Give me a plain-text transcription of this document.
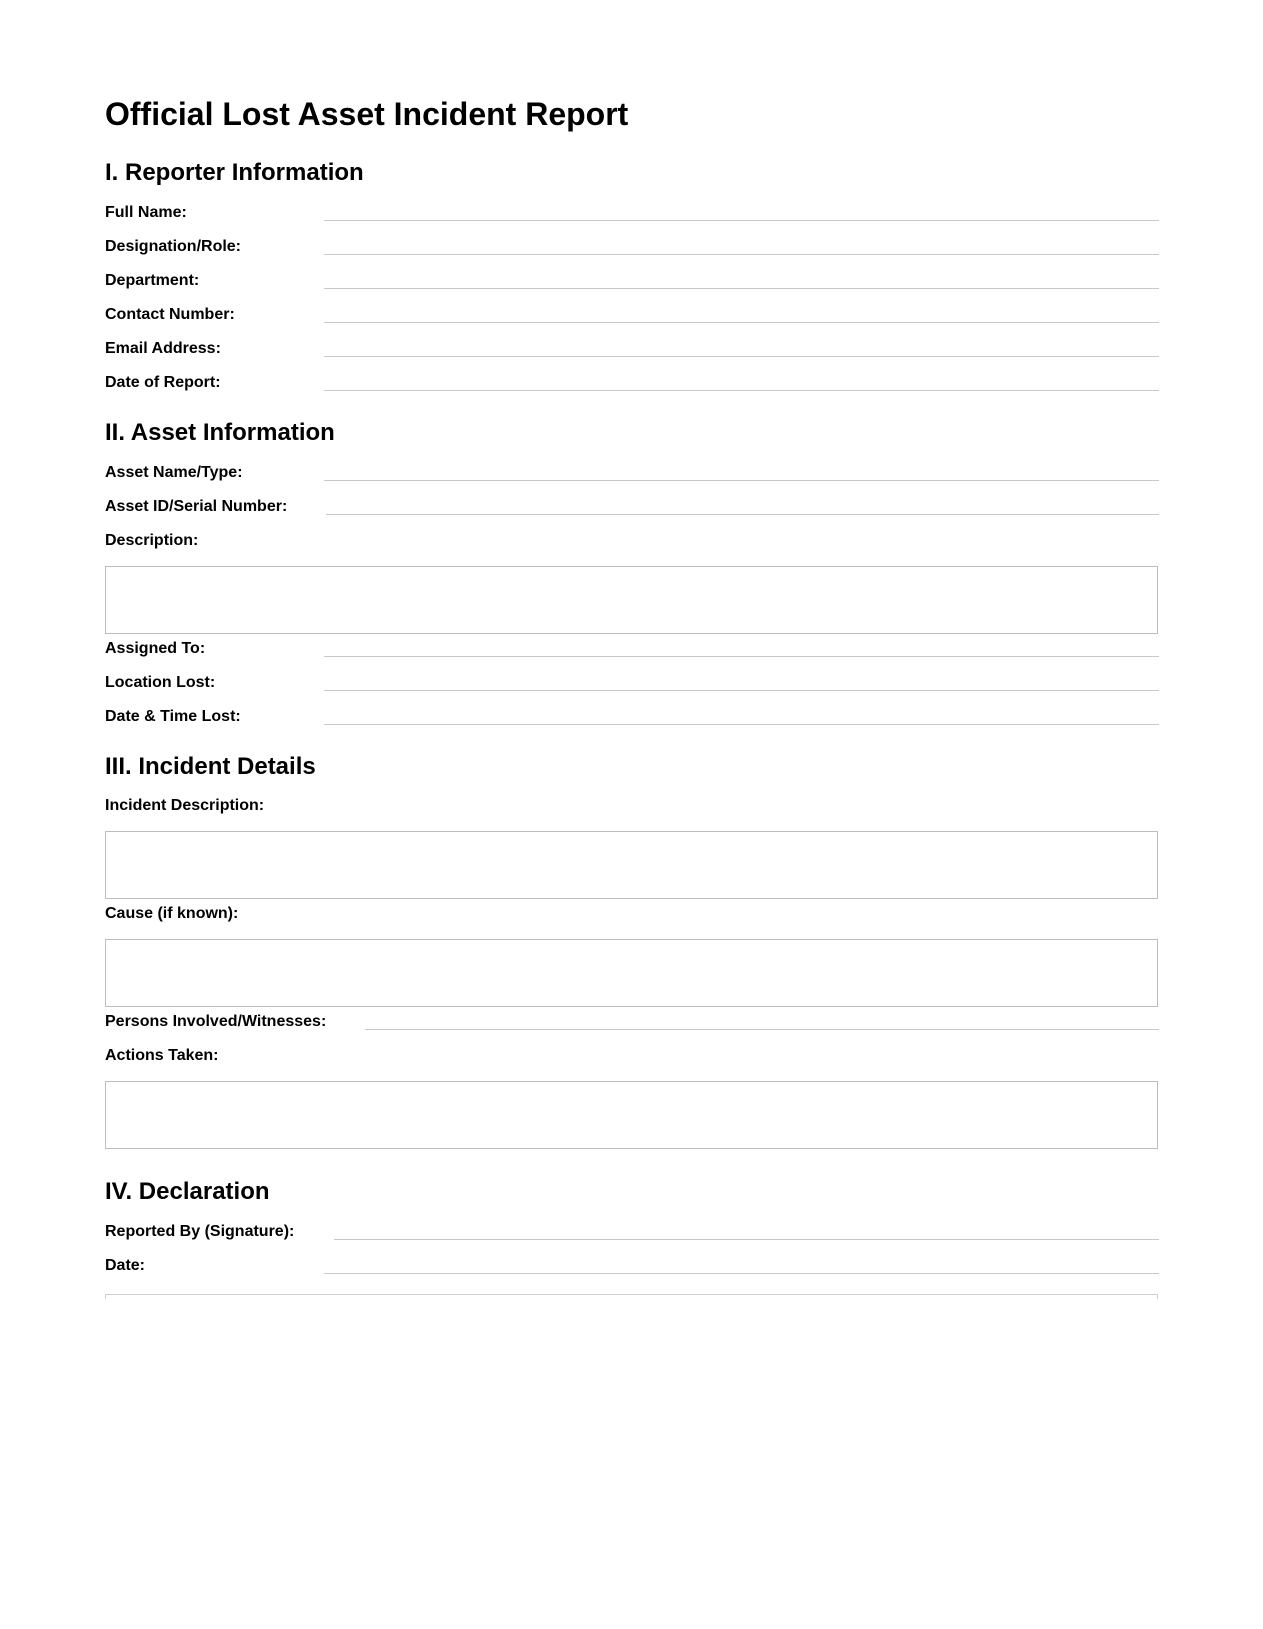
Official Lost Asset Incident Report
I. Reporter Information
Full Name:
Designation/Role:
Department:
Contact Number:
Email Address:
Date of Report:
II. Asset Information
Asset Name/Type:
Asset ID/Serial Number:
Description:
Assigned To:
Location Lost:
Date & Time Lost:
III. Incident Details
Incident Description:
Cause (if known):
Persons Involved/Witnesses:
Actions Taken:
IV. Declaration
Reported By (Signature):
Date:
